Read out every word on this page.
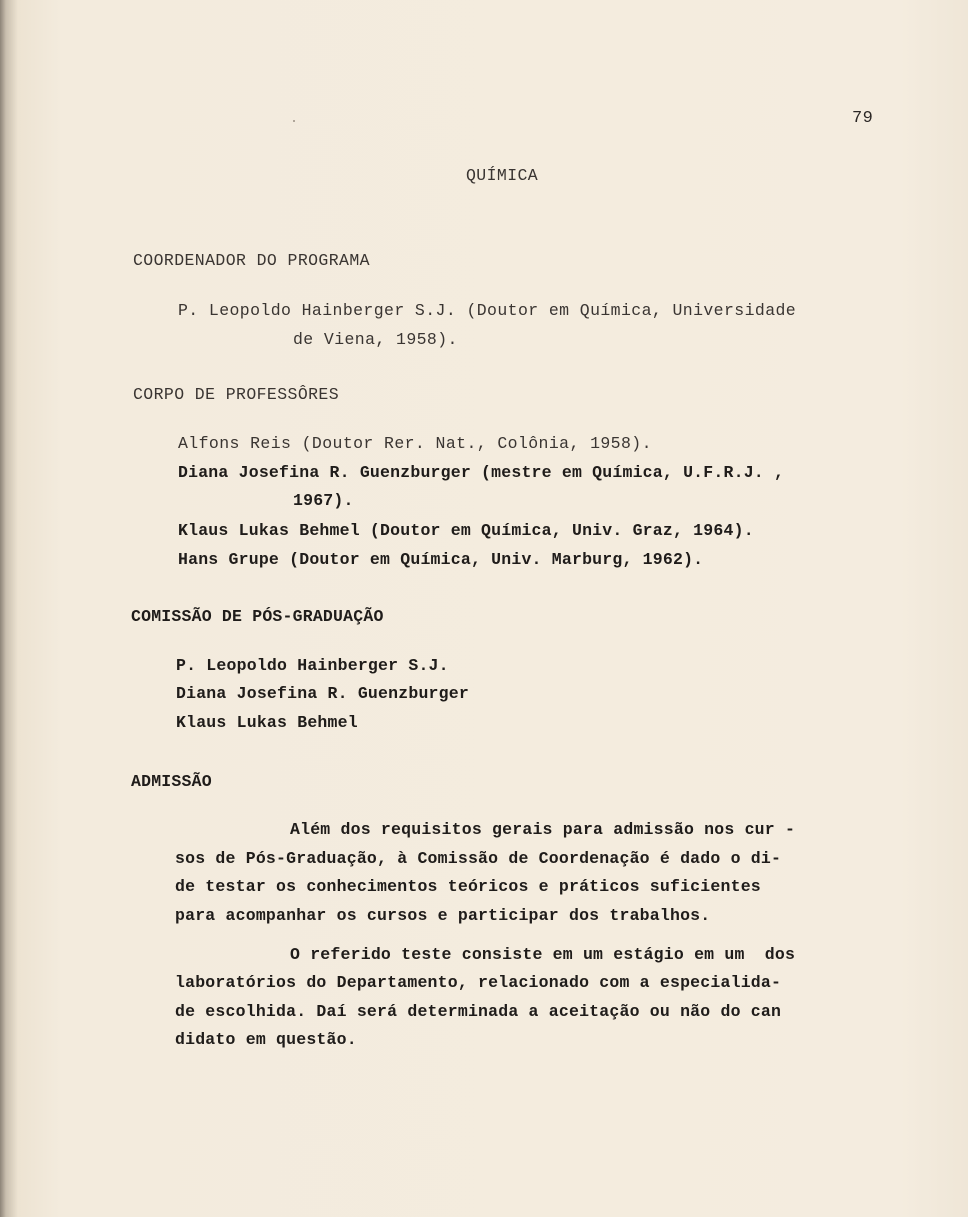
79
QUÍMICA
COORDENADOR DO PROGRAMA
P. Leopoldo Hainberger S.J. (Doutor em Química, Universidade
de Viena, 1958).
CORPO DE PROFESSÔRES
Alfons Reis (Doutor Rer. Nat., Colônia, 1958).
Diana Josefina R. Guenzburger (mestre em Química, U.F.R.J. ,
1967).
Klaus Lukas Behmel (Doutor em Química, Univ. Graz, 1964).
Hans Grupe (Doutor em Química, Univ. Marburg, 1962).
COMISSÃO DE PÓS-GRADUAÇÃO
P. Leopoldo Hainberger S.J.
Diana Josefina R. Guenzburger
Klaus Lukas Behmel
ADMISSÃO
Além dos requisitos gerais para admissão nos cur -
sos de Pós-Graduação, à Comissão de Coordenação é dado o di-
de testar os conhecimentos teóricos e práticos suficientes
para acompanhar os cursos e participar dos trabalhos.
O referido teste consiste em um estágio em um  dos
laboratórios do Departamento, relacionado com a especialida-
de escolhida. Daí será determinada a aceitação ou não do can
didato em questão.
